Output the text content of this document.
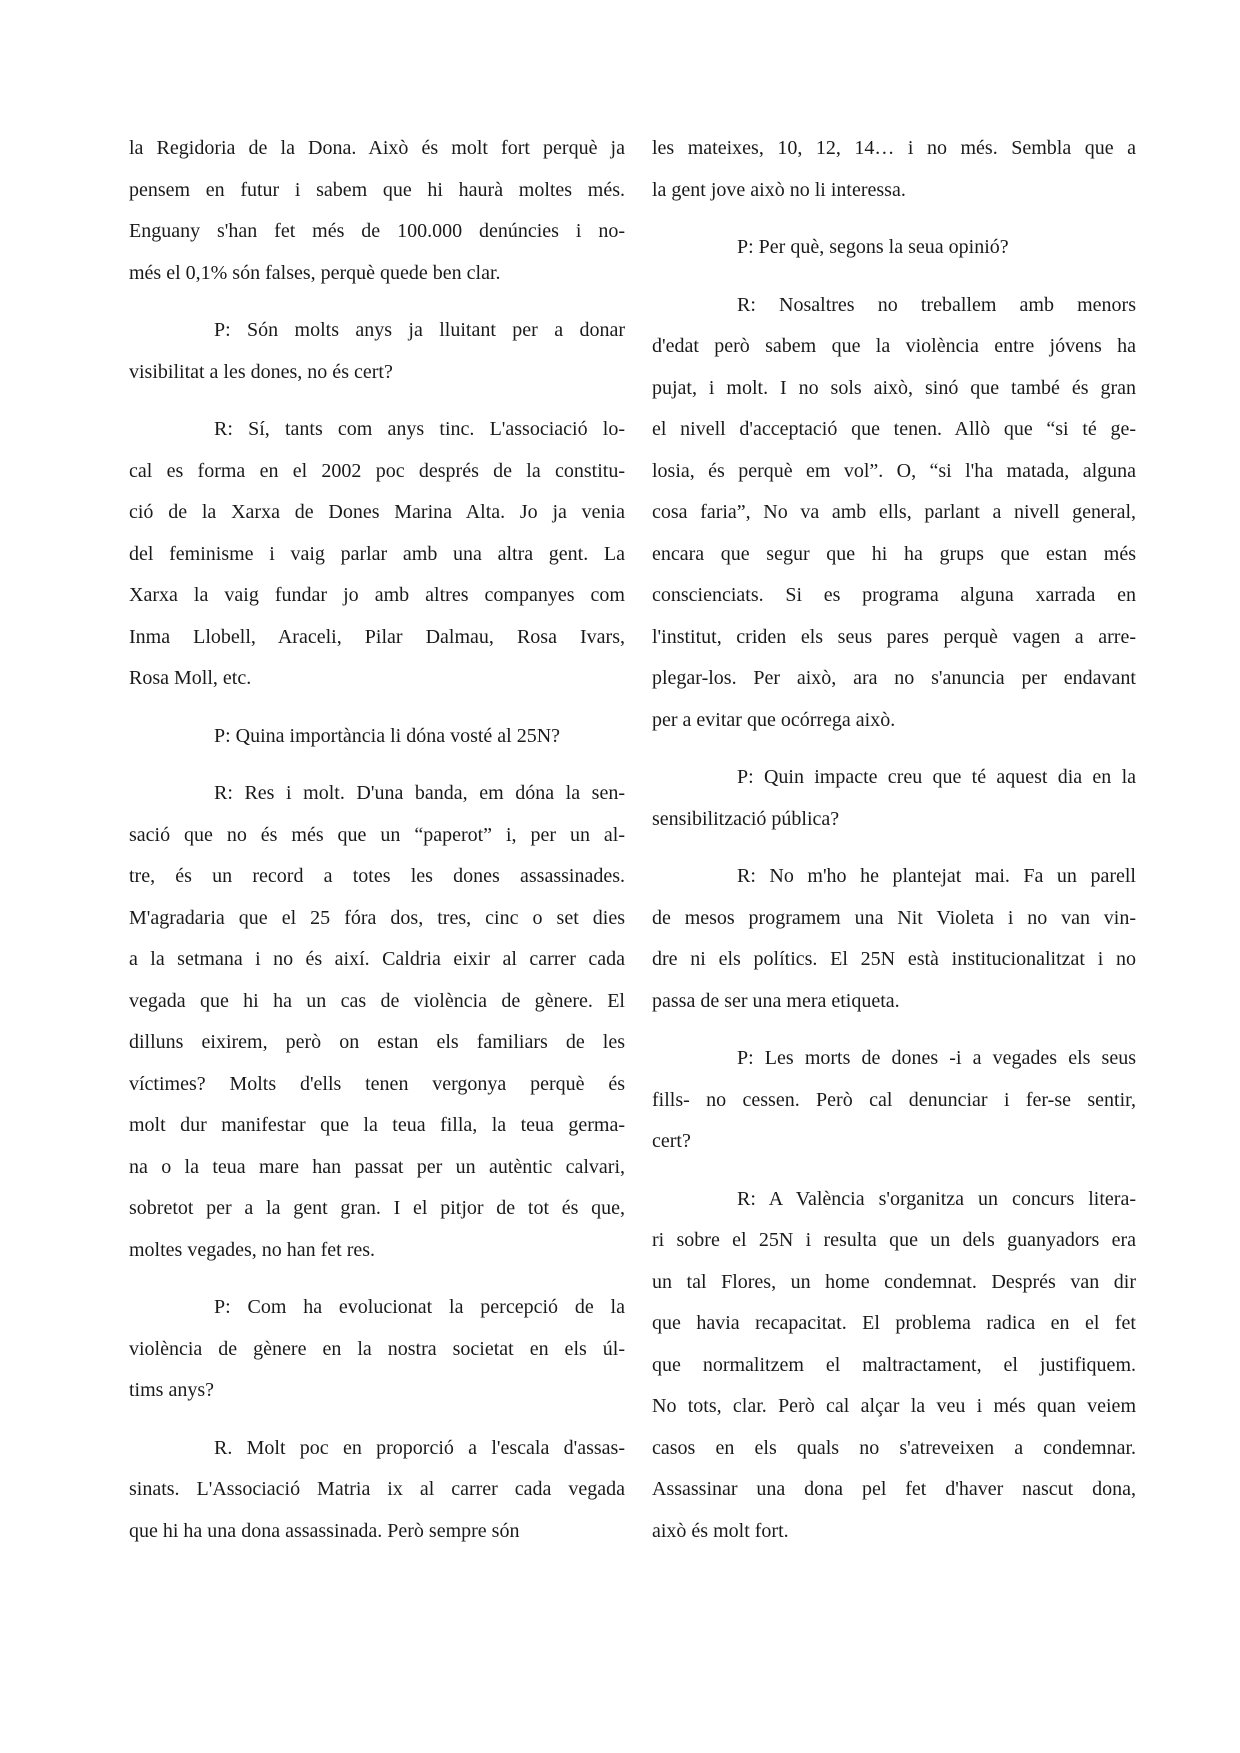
la Regidoria de la Dona. Això és molt fort perquè ja
pensem en futur i sabem que hi haurà moltes més.
Enguany s'han fet més de 100.000 denúncies i no-
més el 0,1% són falses, perquè quede ben clar.
P: Són molts anys ja lluitant per a donar
visibilitat a les dones, no és cert?
R: Sí, tants com anys tinc. L'associació lo-
cal es forma en el 2002 poc després de la constitu-
ció de la Xarxa de Dones Marina Alta. Jo ja venia
del feminisme i vaig parlar amb una altra gent. La
Xarxa la vaig fundar jo amb altres companyes com
Inma Llobell, Araceli, Pilar Dalmau, Rosa Ivars,
Rosa Moll, etc.
P: Quina importància li dóna vosté al 25N?
R: Res i molt. D'una banda, em dóna la sen-
sació que no és més que un “paperot” i, per un al-
tre, és un record a totes les dones assassinades.
M'agradaria que el 25 fóra dos, tres, cinc o set dies
a la setmana i no és així. Caldria eixir al carrer cada
vegada que hi ha un cas de violència de gènere. El
dilluns eixirem, però on estan els familiars de les
víctimes? Molts d'ells tenen vergonya perquè és
molt dur manifestar que la teua filla, la teua germa-
na o la teua mare han passat per un autèntic calvari,
sobretot per a la gent gran. I el pitjor de tot és que,
moltes vegades, no han fet res.
P: Com ha evolucionat la percepció de la
violència de gènere en la nostra societat en els úl-
tims anys?
R. Molt poc en proporció a l'escala d'assas-
sinats. L'Associació Matria ix al carrer cada vegada
que hi ha una dona assassinada. Però sempre són
les mateixes, 10, 12, 14… i no més. Sembla que a
la gent jove això no li interessa.
P: Per què, segons la seua opinió?
R: Nosaltres no treballem amb menors
d'edat però sabem que la violència entre jóvens ha
pujat, i molt. I no sols això, sinó que també és gran
el nivell d'acceptació que tenen. Allò que “si té ge-
losia, és perquè em vol”. O, “si l'ha matada, alguna
cosa faria”, No va amb ells, parlant a nivell general,
encara que segur que hi ha grups que estan més
conscienciats. Si es programa alguna xarrada en
l'institut, criden els seus pares perquè vagen a arre-
plegar-los. Per això, ara no s'anuncia per endavant
per a evitar que ocórrega això.
P: Quin impacte creu que té aquest dia en la
sensibilització pública?
R: No m'ho he plantejat mai. Fa un parell
de mesos programem una Nit Violeta i no van vin-
dre ni els polítics. El 25N està institucionalitzat i no
passa de ser una mera etiqueta.
P: Les morts de dones -i a vegades els seus
fills- no cessen. Però cal denunciar i fer-se sentir,
cert?
R: A València s'organitza un concurs litera-
ri sobre el 25N i resulta que un dels guanyadors era
un tal Flores, un home condemnat. Després van dir
que havia recapacitat. El problema radica en el fet
que normalitzem el maltractament, el justifiquem.
No tots, clar. Però cal alçar la veu i més quan veiem
casos en els quals no s'atreveixen a condemnar.
Assassinar una dona pel fet d'haver nascut dona,
això és molt fort.
